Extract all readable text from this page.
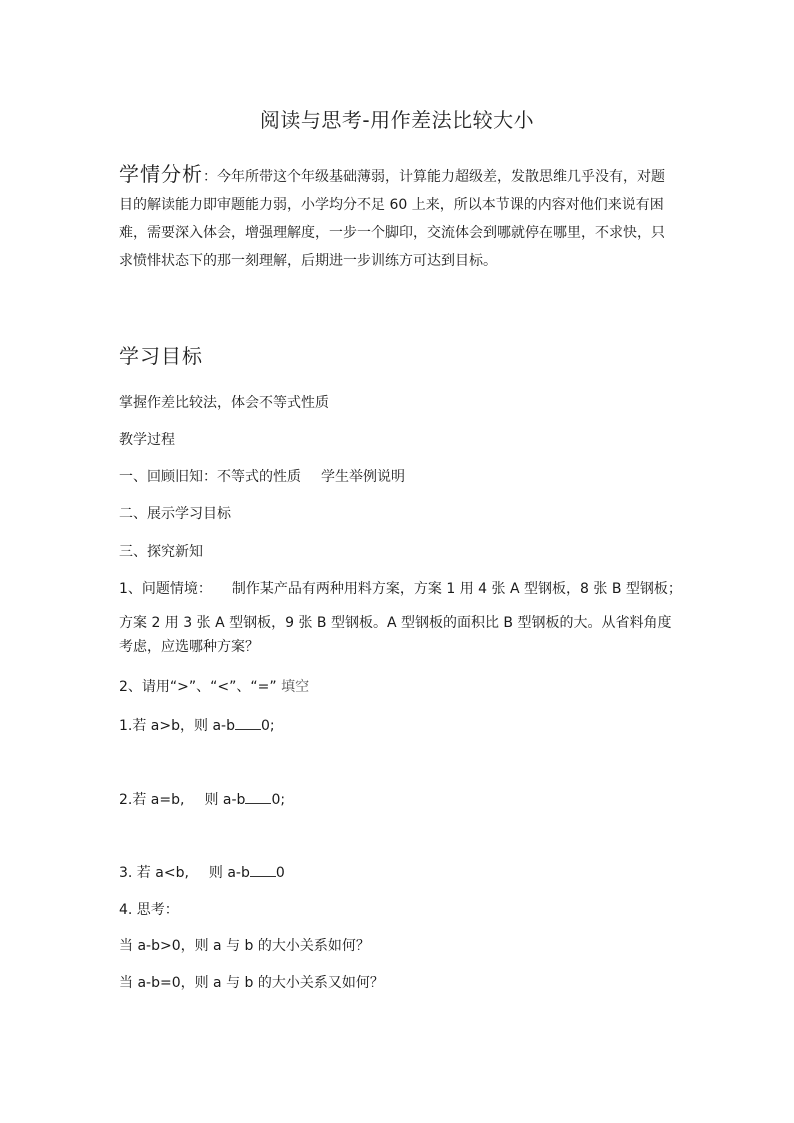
阅读与思考-用作差法比较大小
学情分析：今年所带这个年级基础薄弱，计算能力超级差，发散思维几乎没有，对题目的解读能力即审题能力弱，小学均分不足 60 上来，所以本节课的内容对他们来说有困难，需要深入体会，增强理解度，一步一个脚印，交流体会到哪就停在哪里，不求快，只求愤悱状态下的那一刻理解，后期进一步训练方可达到目标。
学习目标
掌握作差比较法，体会不等式性质
教学过程
一、回顾旧知：不等式的性质 学生举例说明
二、展示学习目标
三、探究新知
1、问题情境： 制作某产品有两种用料方案，方案 1 用 4 张 A 型钢板，8 张 B 型钢板；
方案 2 用 3 张 A 型钢板，9 张 B 型钢板。A 型钢板的面积比 B 型钢板的大。从省料角度考虑，应选哪种方案？
2、请用“>”、“<”、“=” 填空
1.若 a>b，则 a-b 0;
2.若 a=b, 则 a-b 0;
3. 若 a<b, 则 a-b 0
4. 思考：
当 a-b>0，则 a 与 b 的大小关系如何？
当 a-b=0，则 a 与 b 的大小关系又如何？
